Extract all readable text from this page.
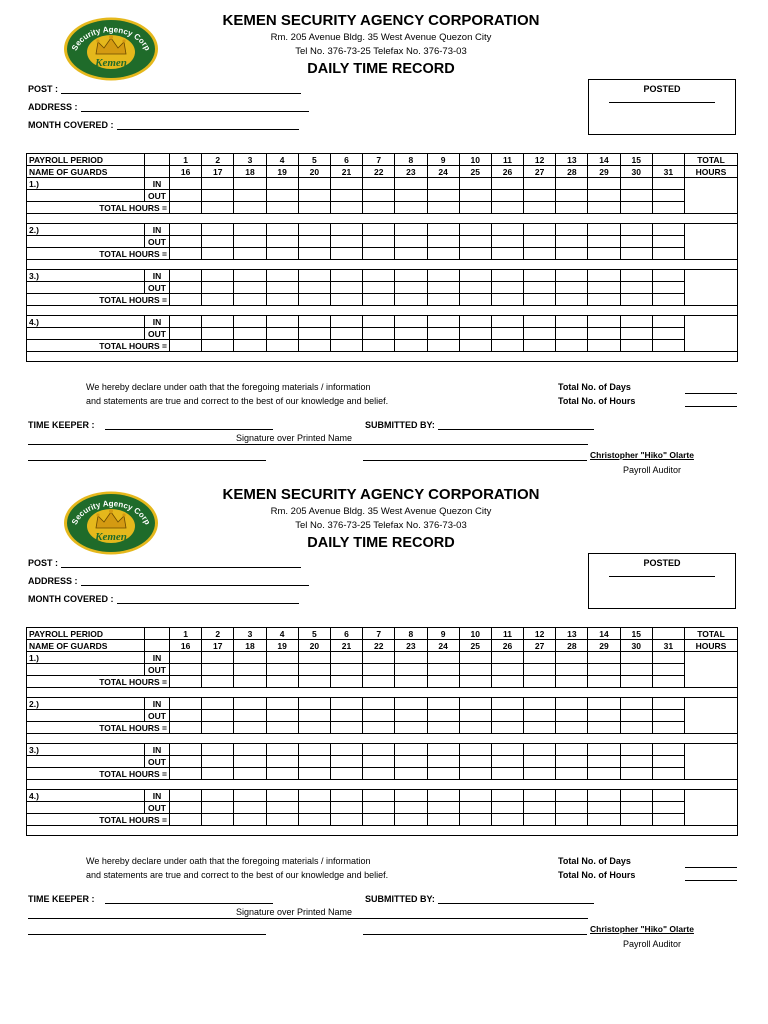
Security Agency Corp
Kemen
KEMEN SECURITY AGENCY CORPORATION
Rm. 205 Avenue Bldg. 35 West Avenue Quezon City
Tel No. 376-73-25 Telefax No. 376-73-03
DAILY TIME RECORD
POST :
ADDRESS :
MONTH COVERED :
POSTED
PAYROLL PERIOD		1	2	3	4	5	6	7	8	9	10	11	12	13	14	15		TOTAL
NAME OF GUARDS		16	17	18	19	20	21	22	23	24	25	26	27	28	29	30	31	HOURS
1.)	IN																	
	OUT																	
TOTAL HOURS =																		

2.)	IN																	
	OUT																	
TOTAL HOURS =																		

3.)	IN																	
	OUT																	
TOTAL HOURS =																		

4.)	IN																	
	OUT																	
TOTAL HOURS =																		

We hereby declare under oath that the foregoing materials / information
and statements are true and correct to the best of our knowledge and belief.
Total No. of Days
Total No. of Hours
TIME KEEPER :	SUBMITTED BY:
Signature over Printed Name
Christopher "Hiko" Olarte
Payroll Auditor
Security Agency Corp
Kemen
KEMEN SECURITY AGENCY CORPORATION
Rm. 205 Avenue Bldg. 35 West Avenue Quezon City
Tel No. 376-73-25 Telefax No. 376-73-03
DAILY TIME RECORD
POST :
ADDRESS :
MONTH COVERED :
POSTED
PAYROLL PERIOD		1	2	3	4	5	6	7	8	9	10	11	12	13	14	15		TOTAL
NAME OF GUARDS		16	17	18	19	20	21	22	23	24	25	26	27	28	29	30	31	HOURS
1.)	IN																	
	OUT																	
TOTAL HOURS =																		

2.)	IN																	
	OUT																	
TOTAL HOURS =																		

3.)	IN																	
	OUT																	
TOTAL HOURS =																		

4.)	IN																	
	OUT																	
TOTAL HOURS =																		

We hereby declare under oath that the foregoing materials / information
and statements are true and correct to the best of our knowledge and belief.
Total No. of Days
Total No. of Hours
TIME KEEPER :	SUBMITTED BY:
Signature over Printed Name
Christopher "Hiko" Olarte
Payroll Auditor
